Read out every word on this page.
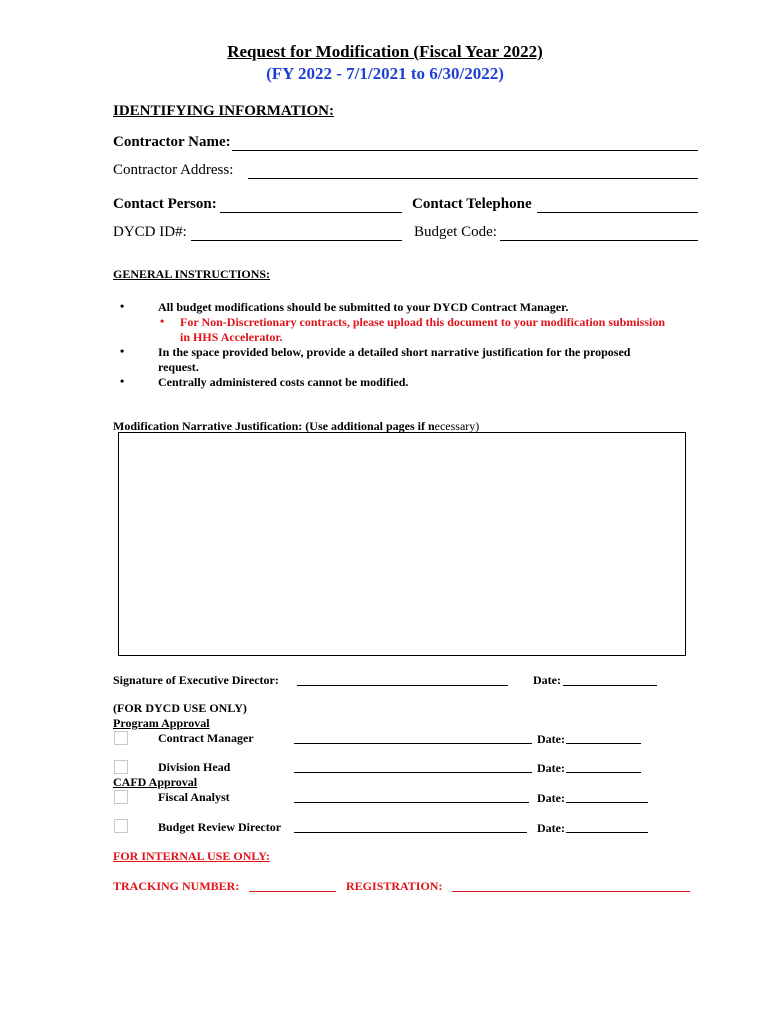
Request for Modification (Fiscal Year 2022)
(FY 2022 - 7/1/2021 to 6/30/2022)
IDENTIFYING INFORMATION:
Contractor Name:
Contractor Address:
Contact Person:	Contact Telephone
DYCD ID#:	Budget Code:
GENERAL INSTRUCTIONS:
•	All budget modifications should be submitted to your DYCD Contract Manager.
• For Non-Discretionary contracts, please upload this document to your modification submission
in HHS Accelerator.
•	In the space provided below, provide a detailed short narrative justification for the proposed
request.
•	Centrally administered costs cannot be modified.
Modification Narrative Justification: (Use additional pages if necessary)
Signature of Executive Director:	Date:
(FOR DYCD USE ONLY)
Program Approval
Contract Manager	Date:
Division Head	Date:
CAFD Approval
Fiscal Analyst	Date:
Budget Review Director	Date:
FOR INTERNAL USE ONLY:
TRACKING NUMBER:	REGISTRATION:
